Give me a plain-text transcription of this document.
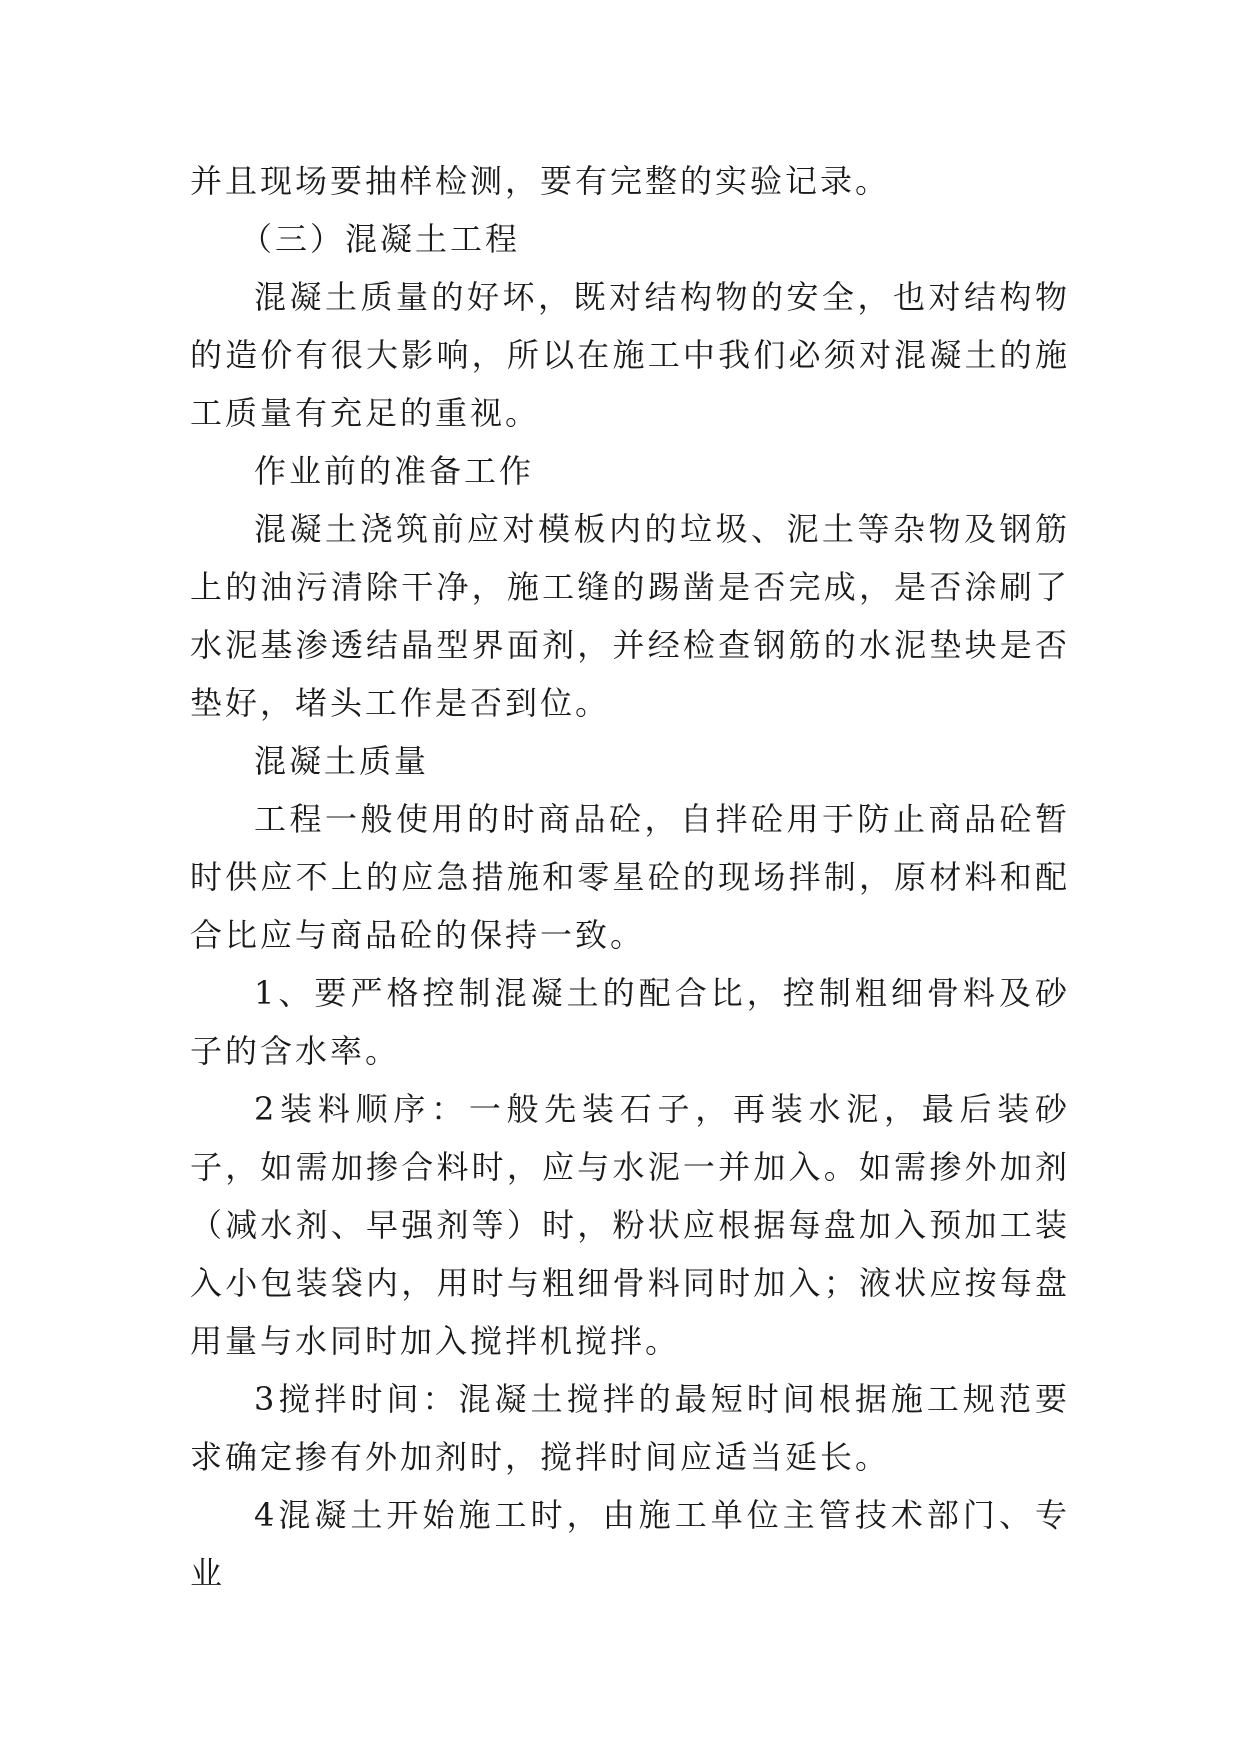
并且现场要抽样检测，要有完整的实验记录。

（三）混凝土工程

混凝土质量的好坏，既对结构物的安全，也对结构物的造价有很大影响，所以在施工中我们必须对混凝土的施工质量有充足的重视。

作业前的准备工作

混凝土浇筑前应对模板内的垃圾、泥土等杂物及钢筋上的油污清除干净，施工缝的踢凿是否完成，是否涂刷了水泥基渗透结晶型界面剂，并经检查钢筋的水泥垫块是否垫好，堵头工作是否到位。

混凝土质量

工程一般使用的时商品砼，自拌砼用于防止商品砼暂时供应不上的应急措施和零星砼的现场拌制，原材料和配合比应与商品砼的保持一致。

1、要严格控制混凝土的配合比，控制粗细骨料及砂子的含水率。

2装料顺序：一般先装石子，再装水泥，最后装砂子，如需加掺合料时，应与水泥一并加入。如需掺外加剂（减水剂、早强剂等）时，粉状应根据每盘加入预加工装入小包装袋内，用时与粗细骨料同时加入；液状应按每盘用量与水同时加入搅拌机搅拌。

3搅拌时间：混凝土搅拌的最短时间根据施工规范要求确定掺有外加剂时，搅拌时间应适当延长。

4混凝土开始施工时，由施工单位主管技术部门、专业
